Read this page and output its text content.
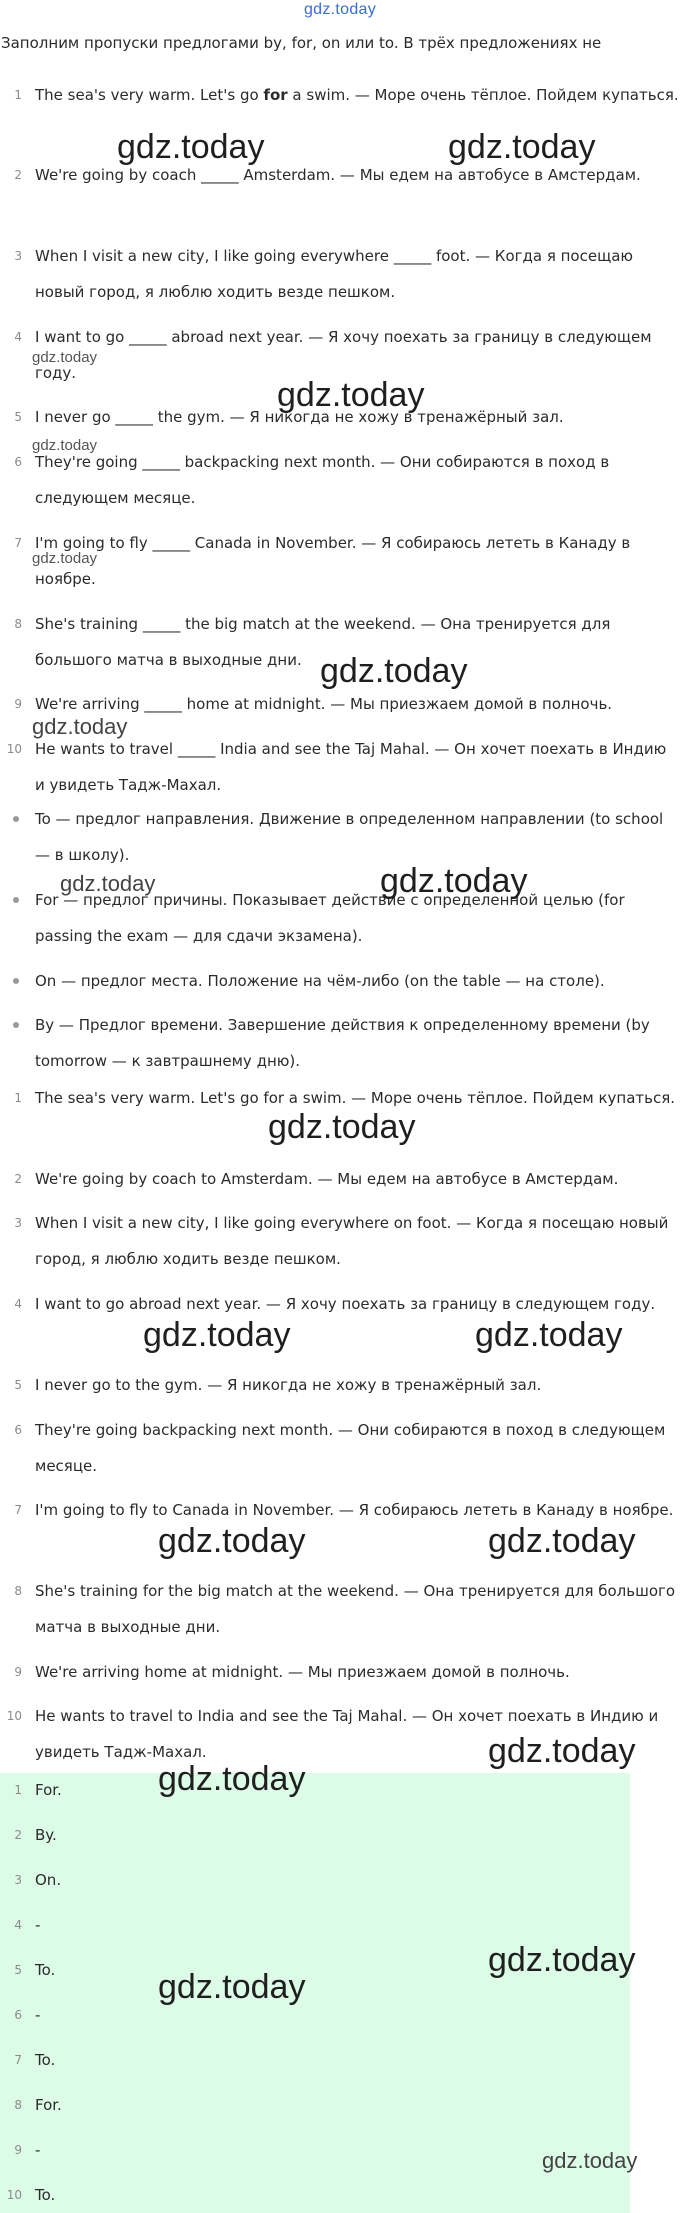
gdz.today
Заполним пропуски предлогами by, for, on или to. В трёх предложениях не
1 The sea's very warm. Let's go for a swim. — Море очень тёплое. Пойдем купаться.
2 We're going by coach _____ Amsterdam. — Мы едем на автобусе в Амстердам.
3 When I visit a new city, I like going everywhere _____ foot. — Когда я посещаю новый город, я люблю ходить везде пешком.
4 I want to go _____ abroad next year. — Я хочу поехать за границу в следующем году.
5 I never go _____ the gym. — Я никогда не хожу в тренажёрный зал.
6 They're going _____ backpacking next month. — Они собираются в поход в следующем месяце.
7 I'm going to fly _____ Canada in November. — Я собираюсь лететь в Канаду в ноябре.
8 She's training _____ the big match at the weekend. — Она тренируется для большого матча в выходные дни.
9 We're arriving _____ home at midnight. — Мы приезжаем домой в полночь.
10 He wants to travel _____ India and see the Taj Mahal. — Он хочет поехать в Индию и увидеть Тадж-Махал.
To — предлог направления. Движение в определенном направлении (to school — в школу).
For — предлог причины. Показывает действие с определенной целью (for passing the exam — для сдачи экзамена).
On — предлог места. Положение на чём-либо (on the table — на столе).
By — Предлог времени. Завершение действия к определенному времени (by tomorrow — к завтрашнему дню).
1 The sea's very warm. Let's go for a swim. — Море очень тёплое. Пойдем купаться.
2 We're going by coach to Amsterdam. — Мы едем на автобусе в Амстердам.
3 When I visit a new city, I like going everywhere on foot. — Когда я посещаю новый город, я люблю ходить везде пешком.
4 I want to go abroad next year. — Я хочу поехать за границу в следующем году.
5 I never go to the gym. — Я никогда не хожу в тренажёрный зал.
6 They're going backpacking next month. — Они собираются в поход в следующем месяце.
7 I'm going to fly to Canada in November. — Я собираюсь лететь в Канаду в ноябре.
8 She's training for the big match at the weekend. — Она тренируется для большого матча в выходные дни.
9 We're arriving home at midnight. — Мы приезжаем домой в полночь.
10 He wants to travel to India and see the Taj Mahal. — Он хочет поехать в Индию и увидеть Тадж-Махал.
1 For.
2 By.
3 On.
4 -
5 To.
6 -
7 To.
8 For.
9 -
10 To.
gdz.today	gdz.today
gdz.today
gdz.today
gdz.today
gdz.today
gdz.today
gdz.today
gdz.today
gdz.today
gdz.today
gdz.today	gdz.today
gdz.today	gdz.today
gdz.today
gdz.today
gdz.today
gdz.today
gdz.today
